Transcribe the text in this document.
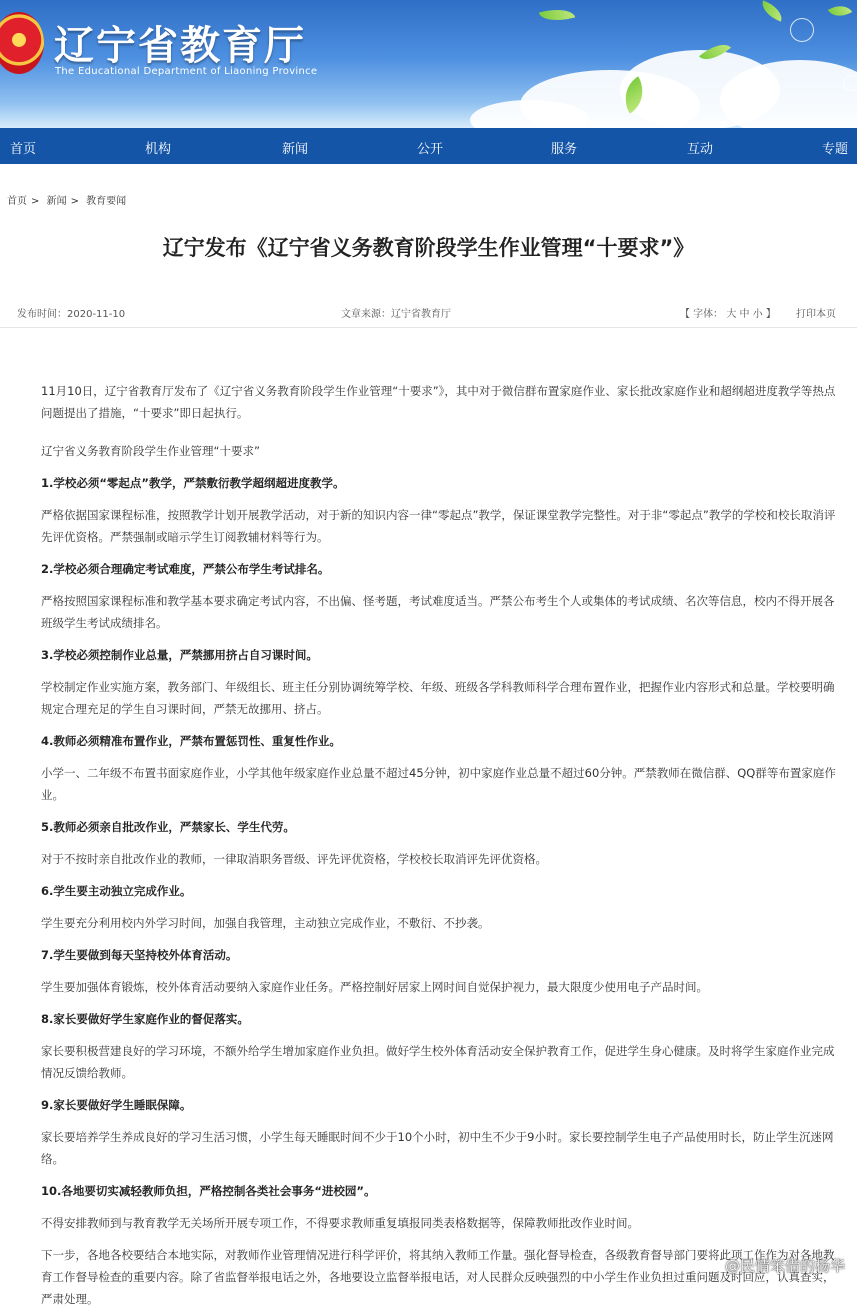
辽宁省教育厅
The Educational Department of Liaoning Province
首页	机构	新闻	公开	服务	互动	专题
首页 > 新闻 > 教育要闻
辽宁发布《辽宁省义务教育阶段学生作业管理“十要求”》
发布时间：2020-11-10	文章来源：辽宁省教育厅	【 字体： 大 中 小 】 打印本页

11月10日，辽宁省教育厅发布了《辽宁省义务教育阶段学生作业管理“十要求”》，其中对于微信群布置家庭作业、家长批改家庭作业和超纲超进度教学等热点问题提出了措施，“十要求”即日起执行。

辽宁省义务教育阶段学生作业管理“十要求”

1.学校必须“零起点”教学，严禁敷衍教学超纲超进度教学。

严格依据国家课程标准，按照教学计划开展教学活动，对于新的知识内容一律“零起点”教学，保证课堂教学完整性。对于非“零起点”教学的学校和校长取消评先评优资格。严禁强制或暗示学生订阅教辅材料等行为。

2.学校必须合理确定考试难度，严禁公布学生考试排名。

严格按照国家课程标准和教学基本要求确定考试内容，不出偏、怪考题，考试难度适当。严禁公布考生个人或集体的考试成绩、名次等信息，校内不得开展各班级学生考试成绩排名。

3.学校必须控制作业总量，严禁挪用挤占自习课时间。

学校制定作业实施方案，教务部门、年级组长、班主任分别协调统筹学校、年级、班级各学科教师科学合理布置作业，把握作业内容形式和总量。学校要明确规定合理充足的学生自习课时间，严禁无故挪用、挤占。

4.教师必须精准布置作业，严禁布置惩罚性、重复性作业。

小学一、二年级不布置书面家庭作业，小学其他年级家庭作业总量不超过45分钟，初中家庭作业总量不超过60分钟。严禁教师在微信群、QQ群等布置家庭作业。

5.教师必须亲自批改作业，严禁家长、学生代劳。

对于不按时亲自批改作业的教师，一律取消职务晋级、评先评优资格，学校校长取消评先评优资格。

6.学生要主动独立完成作业。

学生要充分利用校内外学习时间，加强自我管理，主动独立完成作业，不敷衍、不抄袭。

7.学生要做到每天坚持校外体育活动。

学生要加强体育锻炼，校外体育活动要纳入家庭作业任务。严格控制好居家上网时间自觉保护视力，最大限度少使用电子产品时间。

8.家长要做好学生家庭作业的督促落实。

家长要积极营建良好的学习环境，不额外给学生增加家庭作业负担。做好学生校外体育活动安全保护教育工作，促进学生身心健康。及时将学生家庭作业完成情况反馈给教师。

9.家长要做好学生睡眠保障。

家长要培养学生养成良好的学习生活习惯，小学生每天睡眠时间不少于10个小时，初中生不少于9小时。家长要控制学生电子产品使用时长，防止学生沉迷网络。

10.各地要切实减轻教师负担，严格控制各类社会事务“进校园”。

不得安排教师到与教育教学无关场所开展专项工作，不得要求教师重复填报同类表格数据等，保障教师批改作业时间。

下一步，各地各校要结合本地实际，对教师作业管理情况进行科学评价，将其纳入教师工作量。强化督导检查，各级教育督导部门要将此项工作作为对各地教育工作督导检查的重要内容。除了省监督举报电话之外，各地要设立监督举报电话，对人民群众反映强烈的中小学生作业负担过重问题及时回应，认真查实，严肃处理。

@民情笨借的杨华
